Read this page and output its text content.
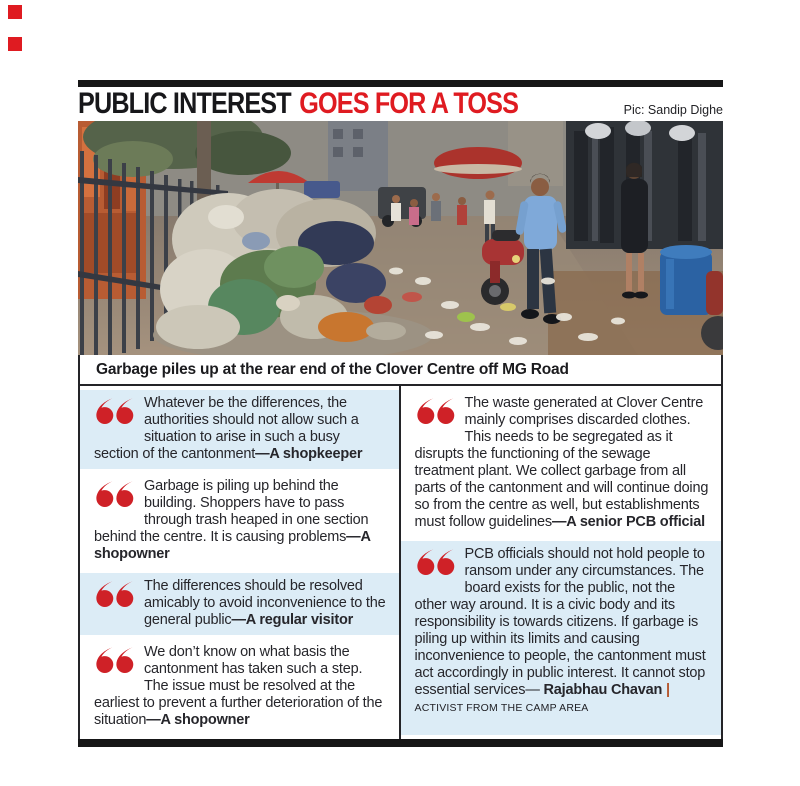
PUBLIC INTEREST GOES FOR A TOSS	Pic: Sandip Dighe
Garbage piles up at the rear end of the Clover Centre off MG Road

Whatever be the differences, the authorities should not allow such a situation to arise in such a busy section of the cantonment—A shopkeeper

Garbage is piling up behind the building. Shoppers have to pass through trash heaped in one section behind the centre. It is causing problems—A shopowner

The differences should be resolved amicably to avoid inconvenience to the general public—A regular visitor

We don’t know on what basis the cantonment has taken such a step. The issue must be resolved at the earliest to prevent a further deterioration of the situation—A shopowner

The waste generated at Clover Centre mainly comprises discarded clothes. This needs to be segregated as it disrupts the functioning of the sewage treatment plant. We collect garbage from all parts of the cantonment and will continue doing so from the centre as well, but establishments must follow guidelines—A senior PCB official

PCB officials should not hold people to ransom under any circumstances. The board exists for the public, not the other way around. It is a civic body and its responsibility is towards citizens. If garbage is piling up within its limits and causing inconvenience to people, the cantonment must act accordingly in public interest. It cannot stop essential services— Rajabhau Chavan | ACTIVIST FROM THE CAMP AREA
